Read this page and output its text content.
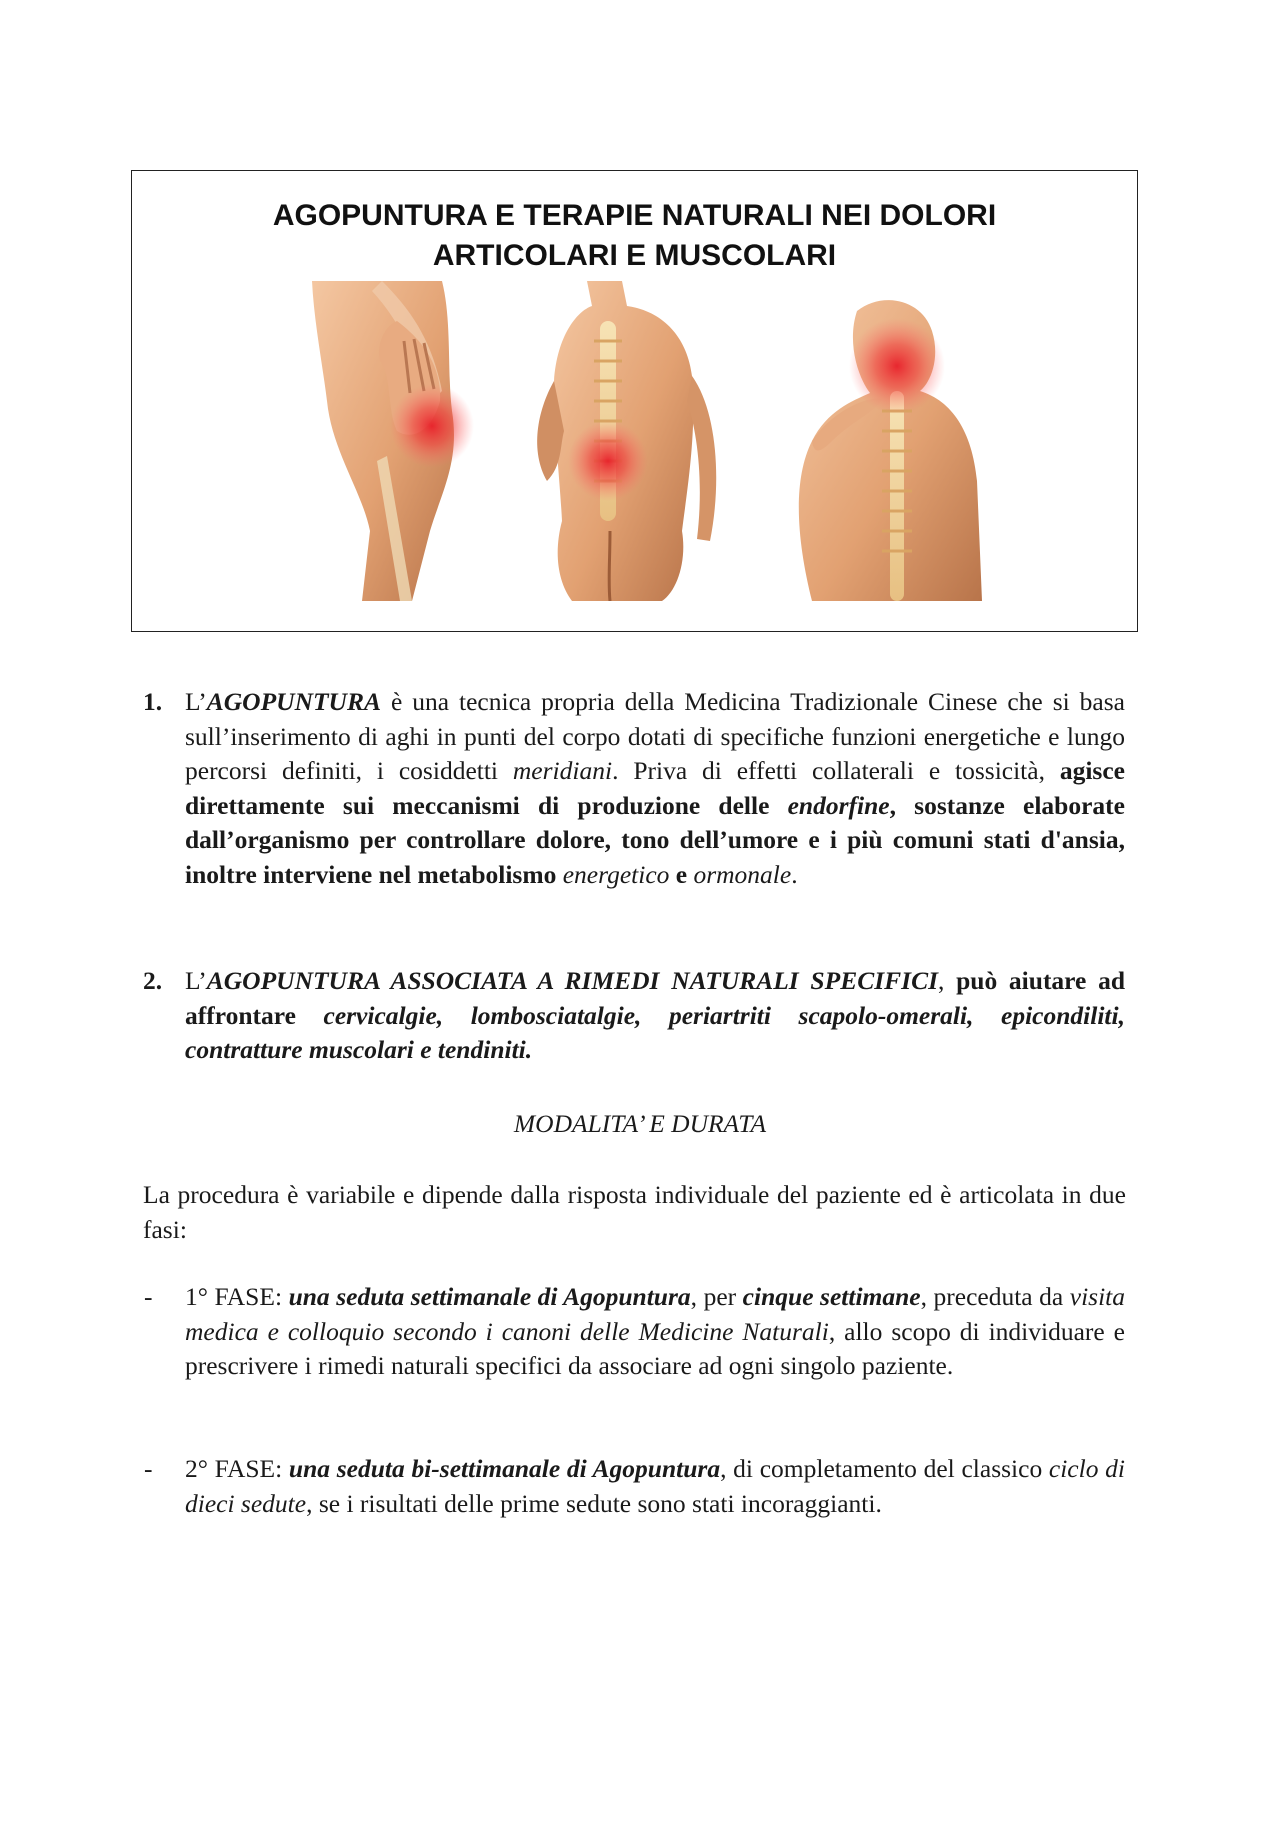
AGOPUNTURA E TERAPIE NATURALI NEI DOLORI
ARTICOLARI E MUSCOLARI
1. L’AGOPUNTURA è una tecnica propria della Medicina Tradizionale Cinese che si basa sull’inserimento di aghi in punti del corpo dotati di specifiche funzioni energetiche e lungo percorsi definiti, i cosiddetti meridiani. Priva di effetti collaterali e tossicità, agisce direttamente sui meccanismi di produzione delle endorfine, sostanze elaborate dall’organismo per controllare dolore, tono dell’umore e i più comuni stati d'ansia, inoltre interviene nel metabolismo energetico e ormonale.
2. L’AGOPUNTURA ASSOCIATA A RIMEDI NATURALI SPECIFICI, può aiutare ad affrontare cervicalgie, lombosciatalgie, periartriti scapolo-omerali, epicondiliti, contratture muscolari e tendiniti.
MODALITA’ E DURATA
La procedura è variabile e dipende dalla risposta individuale del paziente ed è articolata in due fasi:
- 1° FASE: una seduta settimanale di Agopuntura, per cinque settimane, preceduta da visita medica e colloquio secondo i canoni delle Medicine Naturali, allo scopo di individuare e prescrivere i rimedi naturali specifici da associare ad ogni singolo paziente.
- 2° FASE: una seduta bi-settimanale di Agopuntura, di completamento del classico ciclo di dieci sedute, se i risultati delle prime sedute sono stati incoraggianti.
